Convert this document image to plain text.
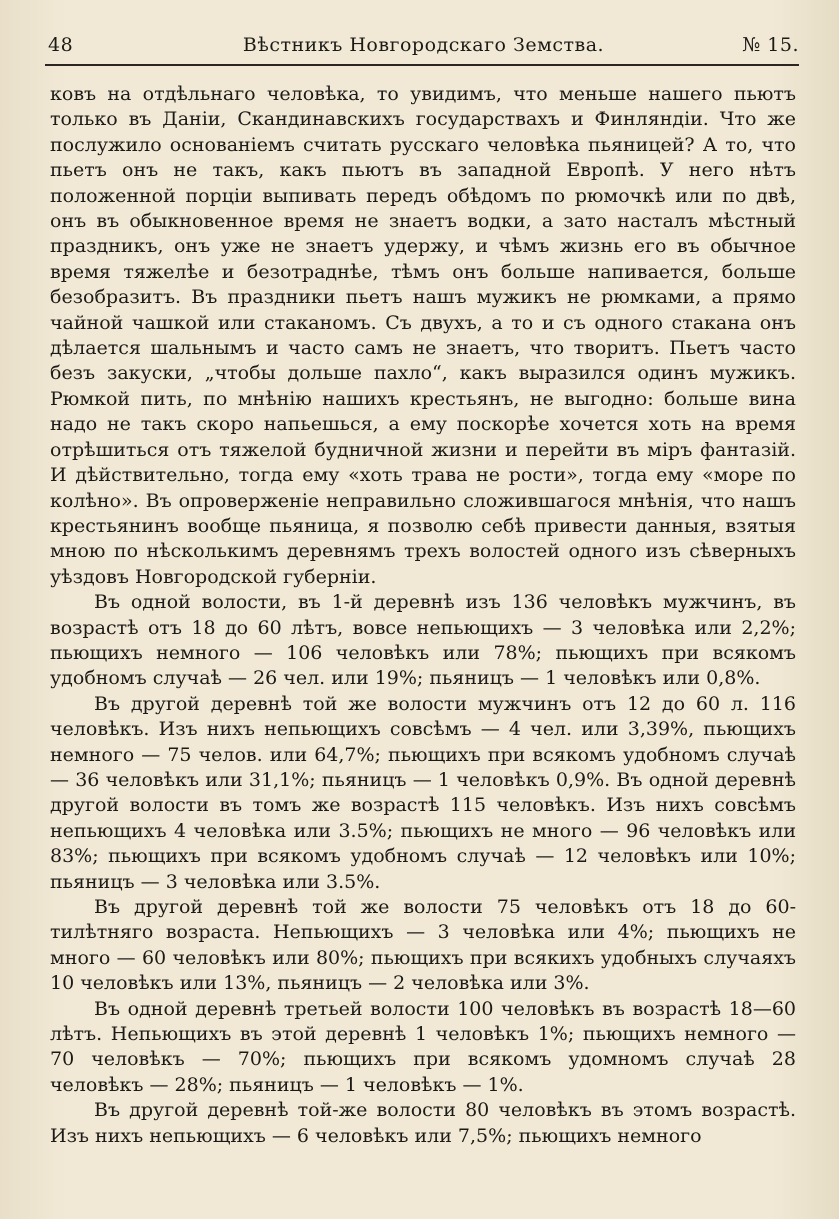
48	Вѣстникъ Новгородскаго Земства.	№ 15.

ковъ на отдѣльнаго человѣка, то увидимъ, что меньше нашего пьютъ только въ Даніи, Скандинавскихъ государствахъ и Финляндіи. Что же послужило основаніемъ считать русскаго человѣка пьяницей? А то, что пьетъ онъ не такъ, какъ пьютъ въ западной Европѣ. У него нѣтъ положенной порціи выпивать передъ обѣдомъ по рюмочкѣ или по двѣ, онъ въ обыкновенное время не знаетъ водки, а зато насталъ мѣстный праздникъ, онъ уже не знаетъ удержу, и чѣмъ жизнь его въ обычное время тяжелѣе и безотраднѣе, тѣмъ онъ больше напивается, больше безобразитъ. Въ праздники пьетъ нашъ мужикъ не рюмками, а прямо чайной чашкой или стаканомъ. Съ двухъ, а то и съ одного стакана онъ дѣлается шальнымъ и часто самъ не знаетъ, что творитъ. Пьетъ часто безъ закуски, „чтобы дольше пахло“, какъ выразился одинъ мужикъ. Рюмкой пить, по мнѣнію нашихъ крестьянъ, не выгодно: больше вина надо не такъ скоро напьешься, а ему поскорѣе хочется хоть на время отрѣшиться отъ тяжелой будничной жизни и перейти въ міръ фантазій. И дѣйствительно, тогда ему «хоть трава не рости», тогда ему «море по колѣно». Въ опроверженіе неправильно сложившагося мнѣнія, что нашъ крестьянинъ вообще пьяница, я позволю себѣ привести данныя, взятыя мною по нѣсколькимъ деревнямъ трехъ волостей одного изъ сѣверныхъ уѣздовъ Новгородской губерніи.

Въ одной волости, въ 1-й деревнѣ изъ 136 человѣкъ мужчинъ, въ возрастѣ отъ 18 до 60 лѣтъ, вовсе непьющихъ — 3 человѣка или 2,2%; пьющихъ немного — 106 человѣкъ или 78%; пьющихъ при всякомъ удобномъ случаѣ — 26 чел. или 19%; пьяницъ — 1 человѣкъ или 0,8%.

Въ другой деревнѣ той же волости мужчинъ отъ 12 до 60 л. 116 человѣкъ. Изъ нихъ непьющихъ совсѣмъ — 4 чел. или 3,39%, пьющихъ немного — 75 челов. или 64,7%; пьющихъ при всякомъ удобномъ случаѣ — 36 человѣкъ или 31,1%; пьяницъ — 1 человѣкъ 0,9%. Въ одной деревнѣ другой волости въ томъ же возрастѣ 115 человѣкъ. Изъ нихъ совсѣмъ непьющихъ 4 человѣка или 3.5%; пьющихъ не много — 96 человѣкъ или 83%; пьющихъ при всякомъ удобномъ случаѣ — 12 человѣкъ или 10%; пьяницъ — 3 человѣка или 3.5%.

Въ другой деревнѣ той же волости 75 человѣкъ отъ 18 до 60-тилѣтняго возраста. Непьющихъ — 3 человѣка или 4%; пьющихъ не много — 60 человѣкъ или 80%; пьющихъ при всякихъ удобныхъ случаяхъ 10 человѣкъ или 13%, пьяницъ — 2 человѣка или 3%.

Въ одной деревнѣ третьей волости 100 человѣкъ въ возрастѣ 18—60 лѣтъ. Непьющихъ въ этой деревнѣ 1 человѣкъ 1%; пьющихъ немного — 70 человѣкъ — 70%; пьющихъ при всякомъ удомномъ случаѣ 28 человѣкъ — 28%; пьяницъ — 1 человѣкъ — 1%.

Въ другой деревнѣ той-же волости 80 человѣкъ въ этомъ возрастѣ. Изъ нихъ непьющихъ — 6 человѣкъ или 7,5%; пьющихъ немного
